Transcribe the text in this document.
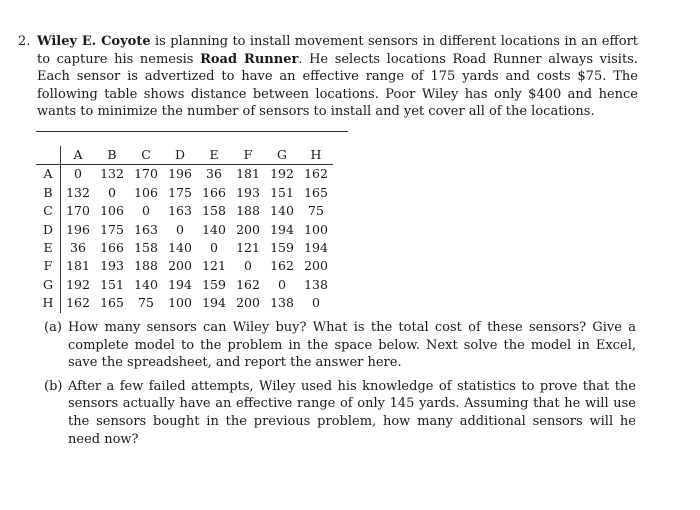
2. Wiley E. Coyote is planning to install movement sensors in different locations in an effort to capture his nemesis Road Runner. He selects locations Road Runner always visits. Each sensor is advertized to have an effective range of 175 yards and costs $75. The following table shows distance between locations. Poor Wiley has only $400 and hence wants to minimize the number of sensors to install and yet cover all of the locations.
	A	B	C	D	E	F	G	H
A	0	132	170	196	36	181	192	162
B	132	0	106	175	166	193	151	165
C	170	106	0	163	158	188	140	75
D	196	175	163	0	140	200	194	100
E	36	166	158	140	0	121	159	194
F	181	193	188	200	121	0	162	200
G	192	151	140	194	159	162	0	138
H	162	165	75	100	194	200	138	0
(a) How many sensors can Wiley buy? What is the total cost of these sensors? Give a complete model to the problem in the space below. Next solve the model in Excel, save the spreadsheet, and report the answer here.
(b) After a few failed attempts, Wiley used his knowledge of statistics to prove that the sensors actually have an effective range of only 145 yards. Assuming that he will use the sensors bought in the previous problem, how many additional sensors will he need now?
